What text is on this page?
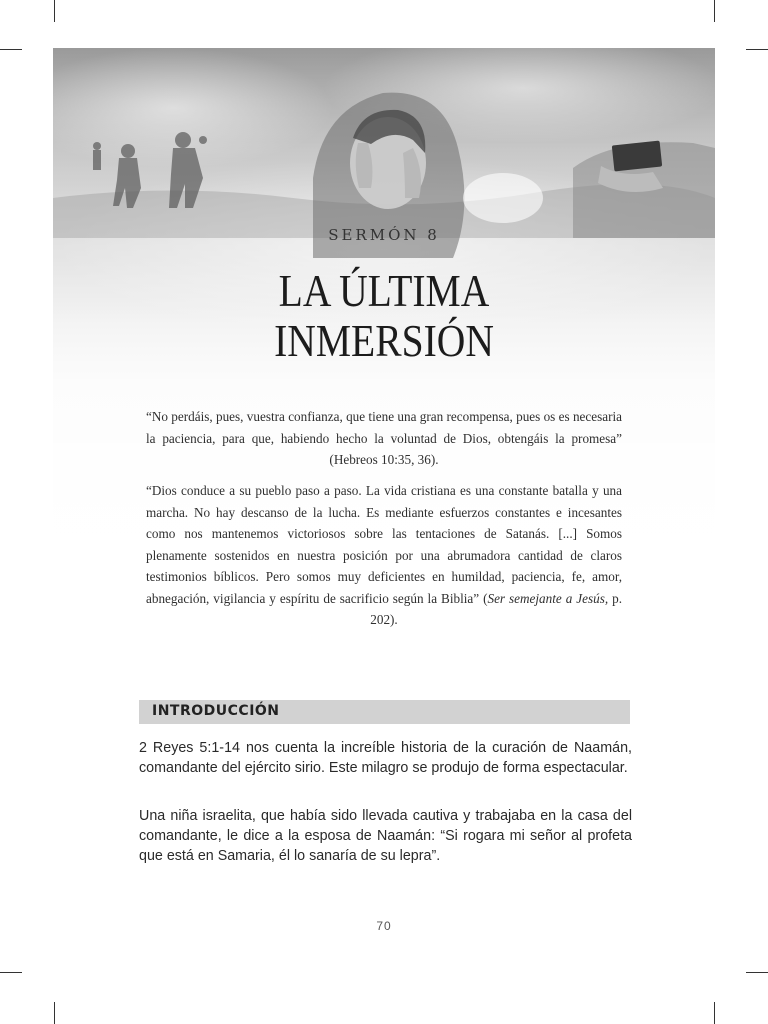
SERMÓN 8
LA ÚLTIMA
INMERSIÓN
“No perdáis, pues, vuestra confianza, que tiene una gran recompensa, pues os es necesaria la paciencia, para que, habiendo hecho la voluntad de Dios, obtengáis la promesa” (Hebreos 10:35, 36).
“Dios conduce a su pueblo paso a paso. La vida cristiana es una constante batalla y una marcha. No hay descanso de la lucha. Es mediante esfuerzos constantes e incesantes como nos mantenemos victoriosos sobre las tentaciones de Satanás. [...] Somos plenamente sostenidos en nuestra posición por una abrumadora cantidad de claros testimonios bíblicos. Pero somos muy deficientes en humildad, paciencia, fe, amor, abnegación, vigilancia y espíritu de sacrificio según la Biblia” (Ser semejante a Jesús, p. 202).
INTRODUCCIÓN
2 Reyes 5:1-14 nos cuenta la increíble historia de la curación de Naamán, comandante del ejército sirio. Este milagro se produjo de forma espectacular.
Una niña israelita, que había sido llevada cautiva y trabajaba en la casa del comandante, le dice a la esposa de Naamán: “Si rogara mi señor al profeta que está en Samaria, él lo sanaría de su lepra”.
70
